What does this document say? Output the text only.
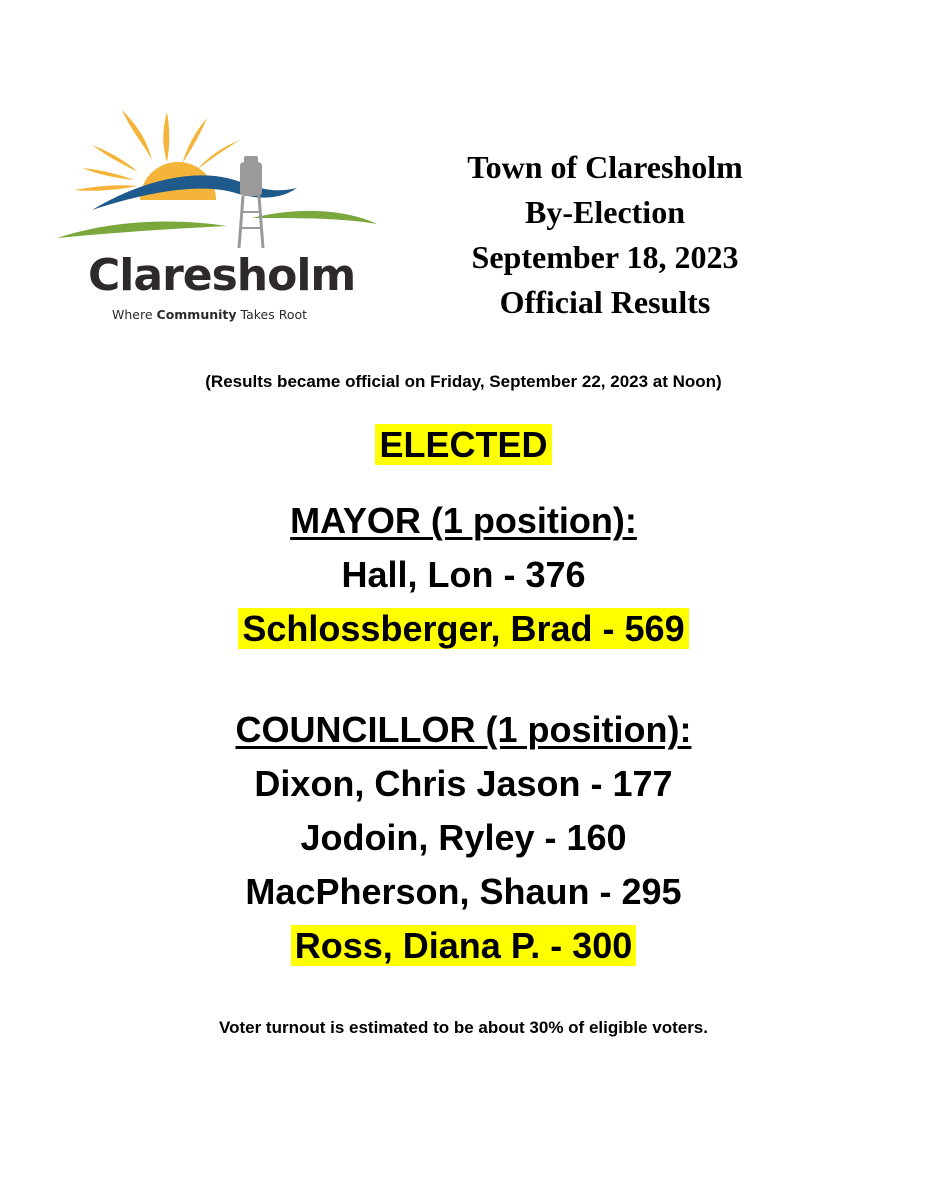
Claresholm
Where Community Takes Root
Town of Claresholm
By-Election
September 18, 2023
Official Results
(Results became official on Friday, September 22, 2023 at Noon)
ELECTED
MAYOR (1 position):
Hall, Lon - 376
Schlossberger, Brad - 569
COUNCILLOR (1 position):
Dixon, Chris Jason - 177
Jodoin, Ryley - 160
MacPherson, Shaun - 295
Ross, Diana P. - 300
Voter turnout is estimated to be about 30% of eligible voters.
